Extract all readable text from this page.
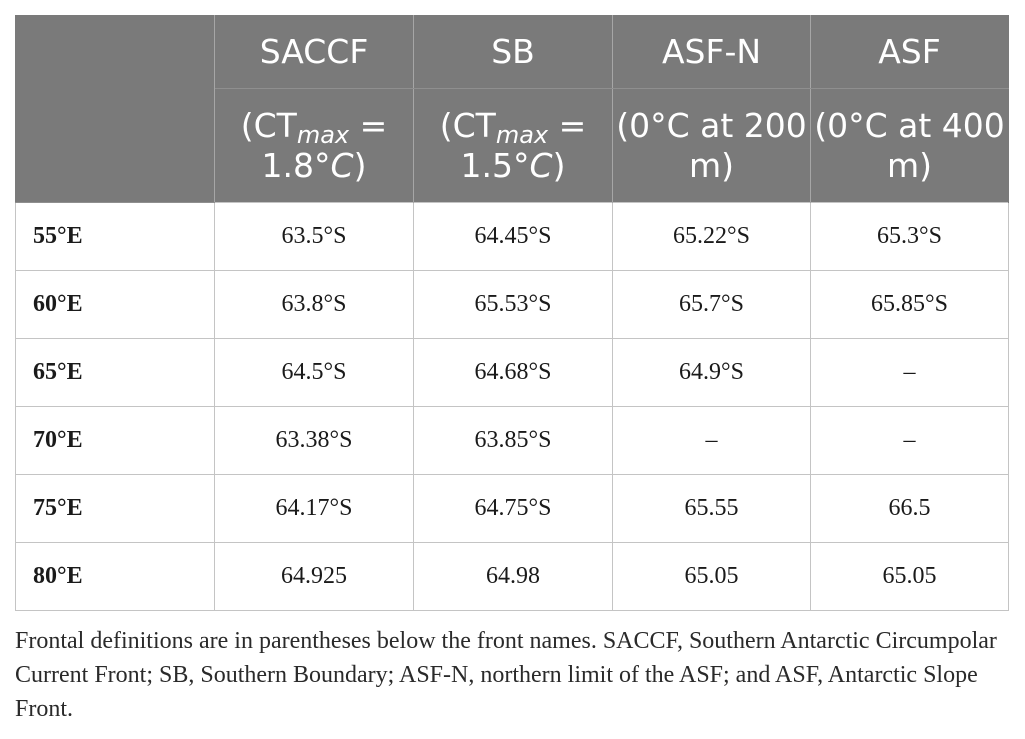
	SACCF	SB	ASF-N	ASF
	$(CT_{max} = 1.8^\circ C)$	$(CT_{max} = 1.5^\circ C)$	(0°C at 200 m)	(0°C at 400 m)
55°E	63.5°S	64.45°S	65.22°S	65.3°S
60°E	63.8°S	65.53°S	65.7°S	65.85°S
65°E	64.5°S	64.68°S	64.9°S	–
70°E	63.38°S	63.85°S	–	–
75°E	64.17°S	64.75°S	65.55	66.5
80°E	64.925	64.98	65.05	65.05
Frontal definitions are in parentheses below the front names. SACCF, Southern Antarctic Circumpolar Current Front; SB, Southern Boundary; ASF-N, northern limit of the ASF; and ASF, Antarctic Slope Front.
